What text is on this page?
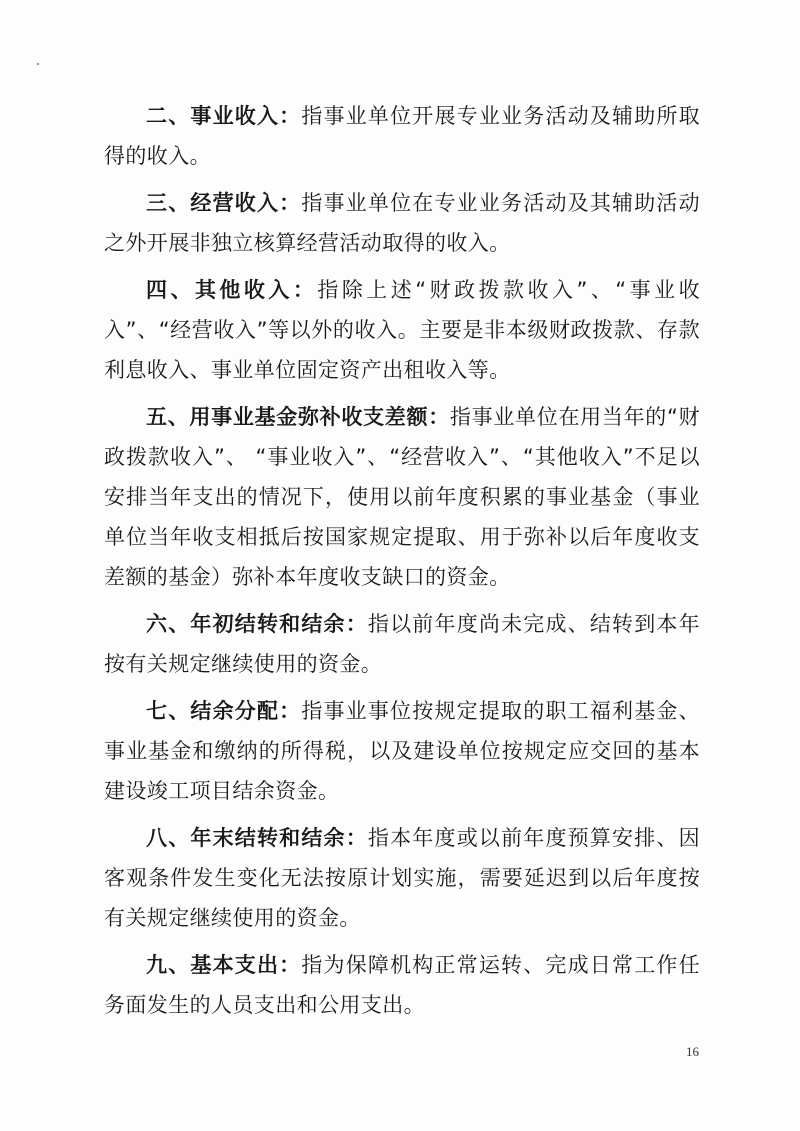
二、事业收入：指事业单位开展专业业务活动及辅助所取得的收入。

三、经营收入：指事业单位在专业业务活动及其辅助活动之外开展非独立核算经营活动取得的收入。

四、其他收入：指除上述“财政拨款收入”、“事业收入”、“经营收入”等以外的收入。主要是非本级财政拨款、存款利息收入、事业单位固定资产出租收入等。

五、用事业基金弥补收支差额：指事业单位在用当年的“财政拨款收入”、 “事业收入”、“经营收入”、“其他收入”不足以安排当年支出的情况下，使用以前年度积累的事业基金（事业单位当年收支相抵后按国家规定提取、用于弥补以后年度收支差额的基金）弥补本年度收支缺口的资金。

六、年初结转和结余：指以前年度尚未完成、结转到本年按有关规定继续使用的资金。

七、结余分配：指事业事位按规定提取的职工福利基金、事业基金和缴纳的所得税，以及建设单位按规定应交回的基本建设竣工项目结余资金。

八、年末结转和结余：指本年度或以前年度预算安排、因客观条件发生变化无法按原计划实施，需要延迟到以后年度按有关规定继续使用的资金。

九、基本支出：指为保障机构正常运转、完成日常工作任务面发生的人员支出和公用支出。

16
